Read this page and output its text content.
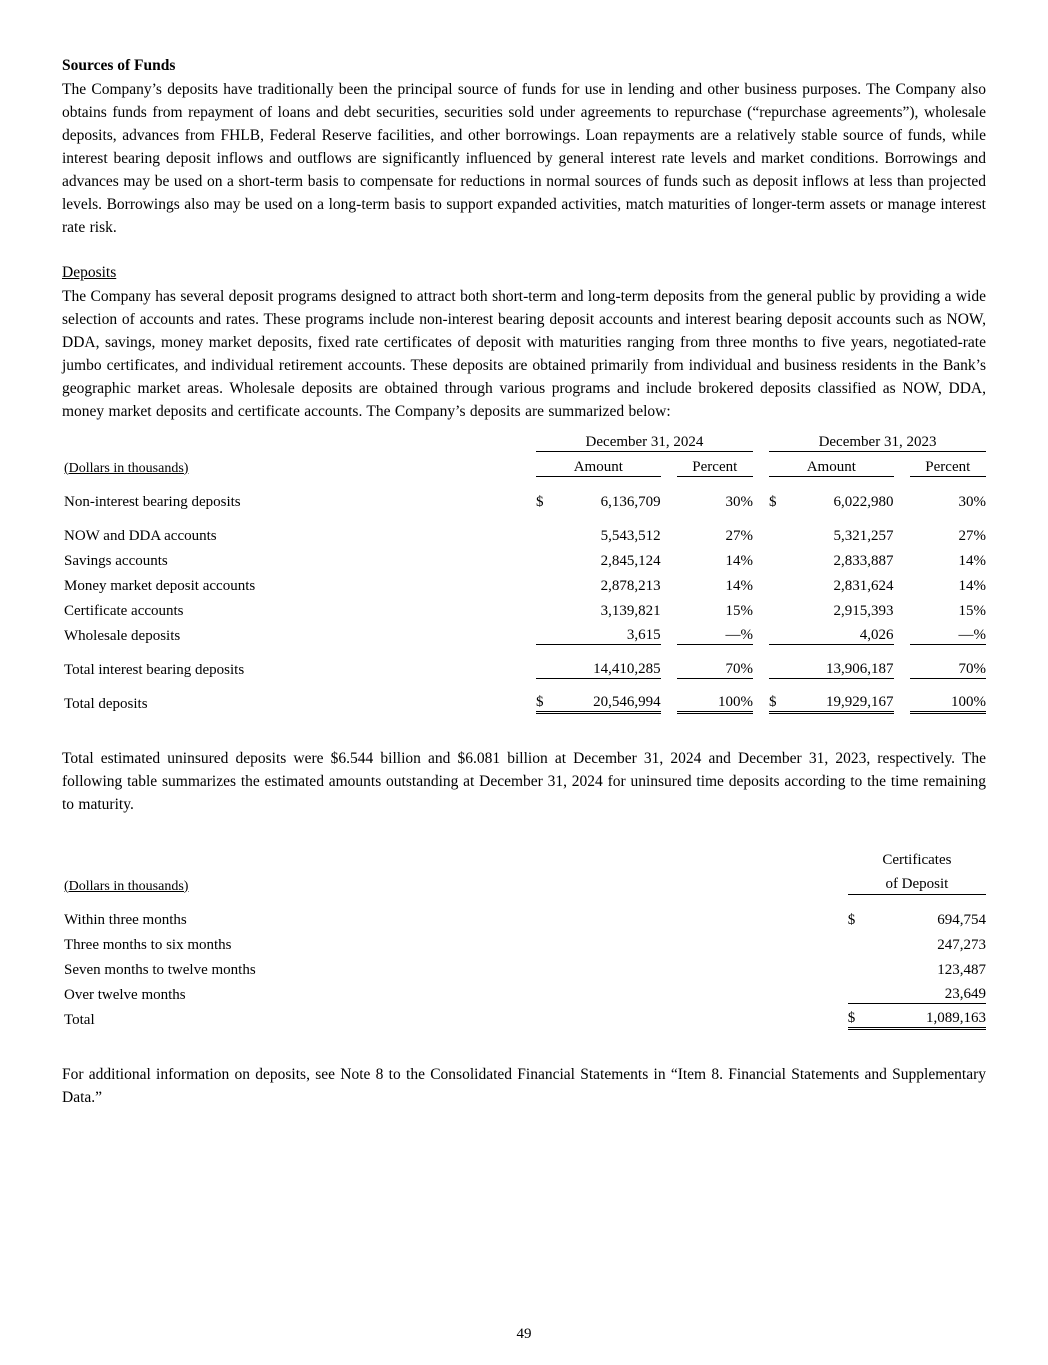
Sources of Funds

The Company’s deposits have traditionally been the principal source of funds for use in lending and other business purposes. The Company also obtains funds from repayment of loans and debt securities, securities sold under agreements to repurchase (“repurchase agreements”), wholesale deposits, advances from FHLB, Federal Reserve facilities, and other borrowings. Loan repayments are a relatively stable source of funds, while interest bearing deposit inflows and outflows are significantly influenced by general interest rate levels and market conditions. Borrowings and advances may be used on a short-term basis to compensate for reductions in normal sources of funds such as deposit inflows at less than projected levels. Borrowings also may be used on a long-term basis to support expanded activities, match maturities of longer-term assets or manage interest rate risk.

Deposits

The Company has several deposit programs designed to attract both short-term and long-term deposits from the general public by providing a wide selection of accounts and rates. These programs include non-interest bearing deposit accounts and interest bearing deposit accounts such as NOW, DDA, savings, money market deposits, fixed rate certificates of deposit with maturities ranging from three months to five years, negotiated-rate jumbo certificates, and individual retirement accounts. These deposits are obtained primarily from individual and business residents in the Bank’s geographic market areas. Wholesale deposits are obtained through various programs and include brokered deposits classified as NOW, DDA, money market deposits and certificate accounts. The Company’s deposits are summarized below:

	December 31, 2024					December 31, 2023			
(Dollars in thousands)	Amount			Percent		Amount			Percent
Non-interest bearing deposits	$	6,136,709		30%		$	6,022,980		30%
NOW and DDA accounts		5,543,512		27%			5,321,257		27%
Savings accounts		2,845,124		14%			2,833,887		14%
Money market deposit accounts		2,878,213		14%			2,831,624		14%
Certificate accounts		3,139,821		15%			2,915,393		15%
Wholesale deposits		3,615		—%			4,026		—%
Total interest bearing deposits		14,410,285		70%			13,906,187		70%
Total deposits	$	20,546,994		100%		$	19,929,167		100%

Total estimated uninsured deposits were $6.544 billion and $6.081 billion at December 31, 2024 and December 31, 2023, respectively. The following table summarizes the estimated amounts outstanding at December 31, 2024 for uninsured time deposits according to the time remaining to maturity.

	Certificates	
(Dollars in thousands)	of Deposit	
Within three months	$	694,754
Three months to six months		247,273
Seven months to twelve months		123,487
Over twelve months		23,649
Total	$	1,089,163

For additional information on deposits, see Note 8 to the Consolidated Financial Statements in “Item 8. Financial Statements and Supplementary Data.”

49
